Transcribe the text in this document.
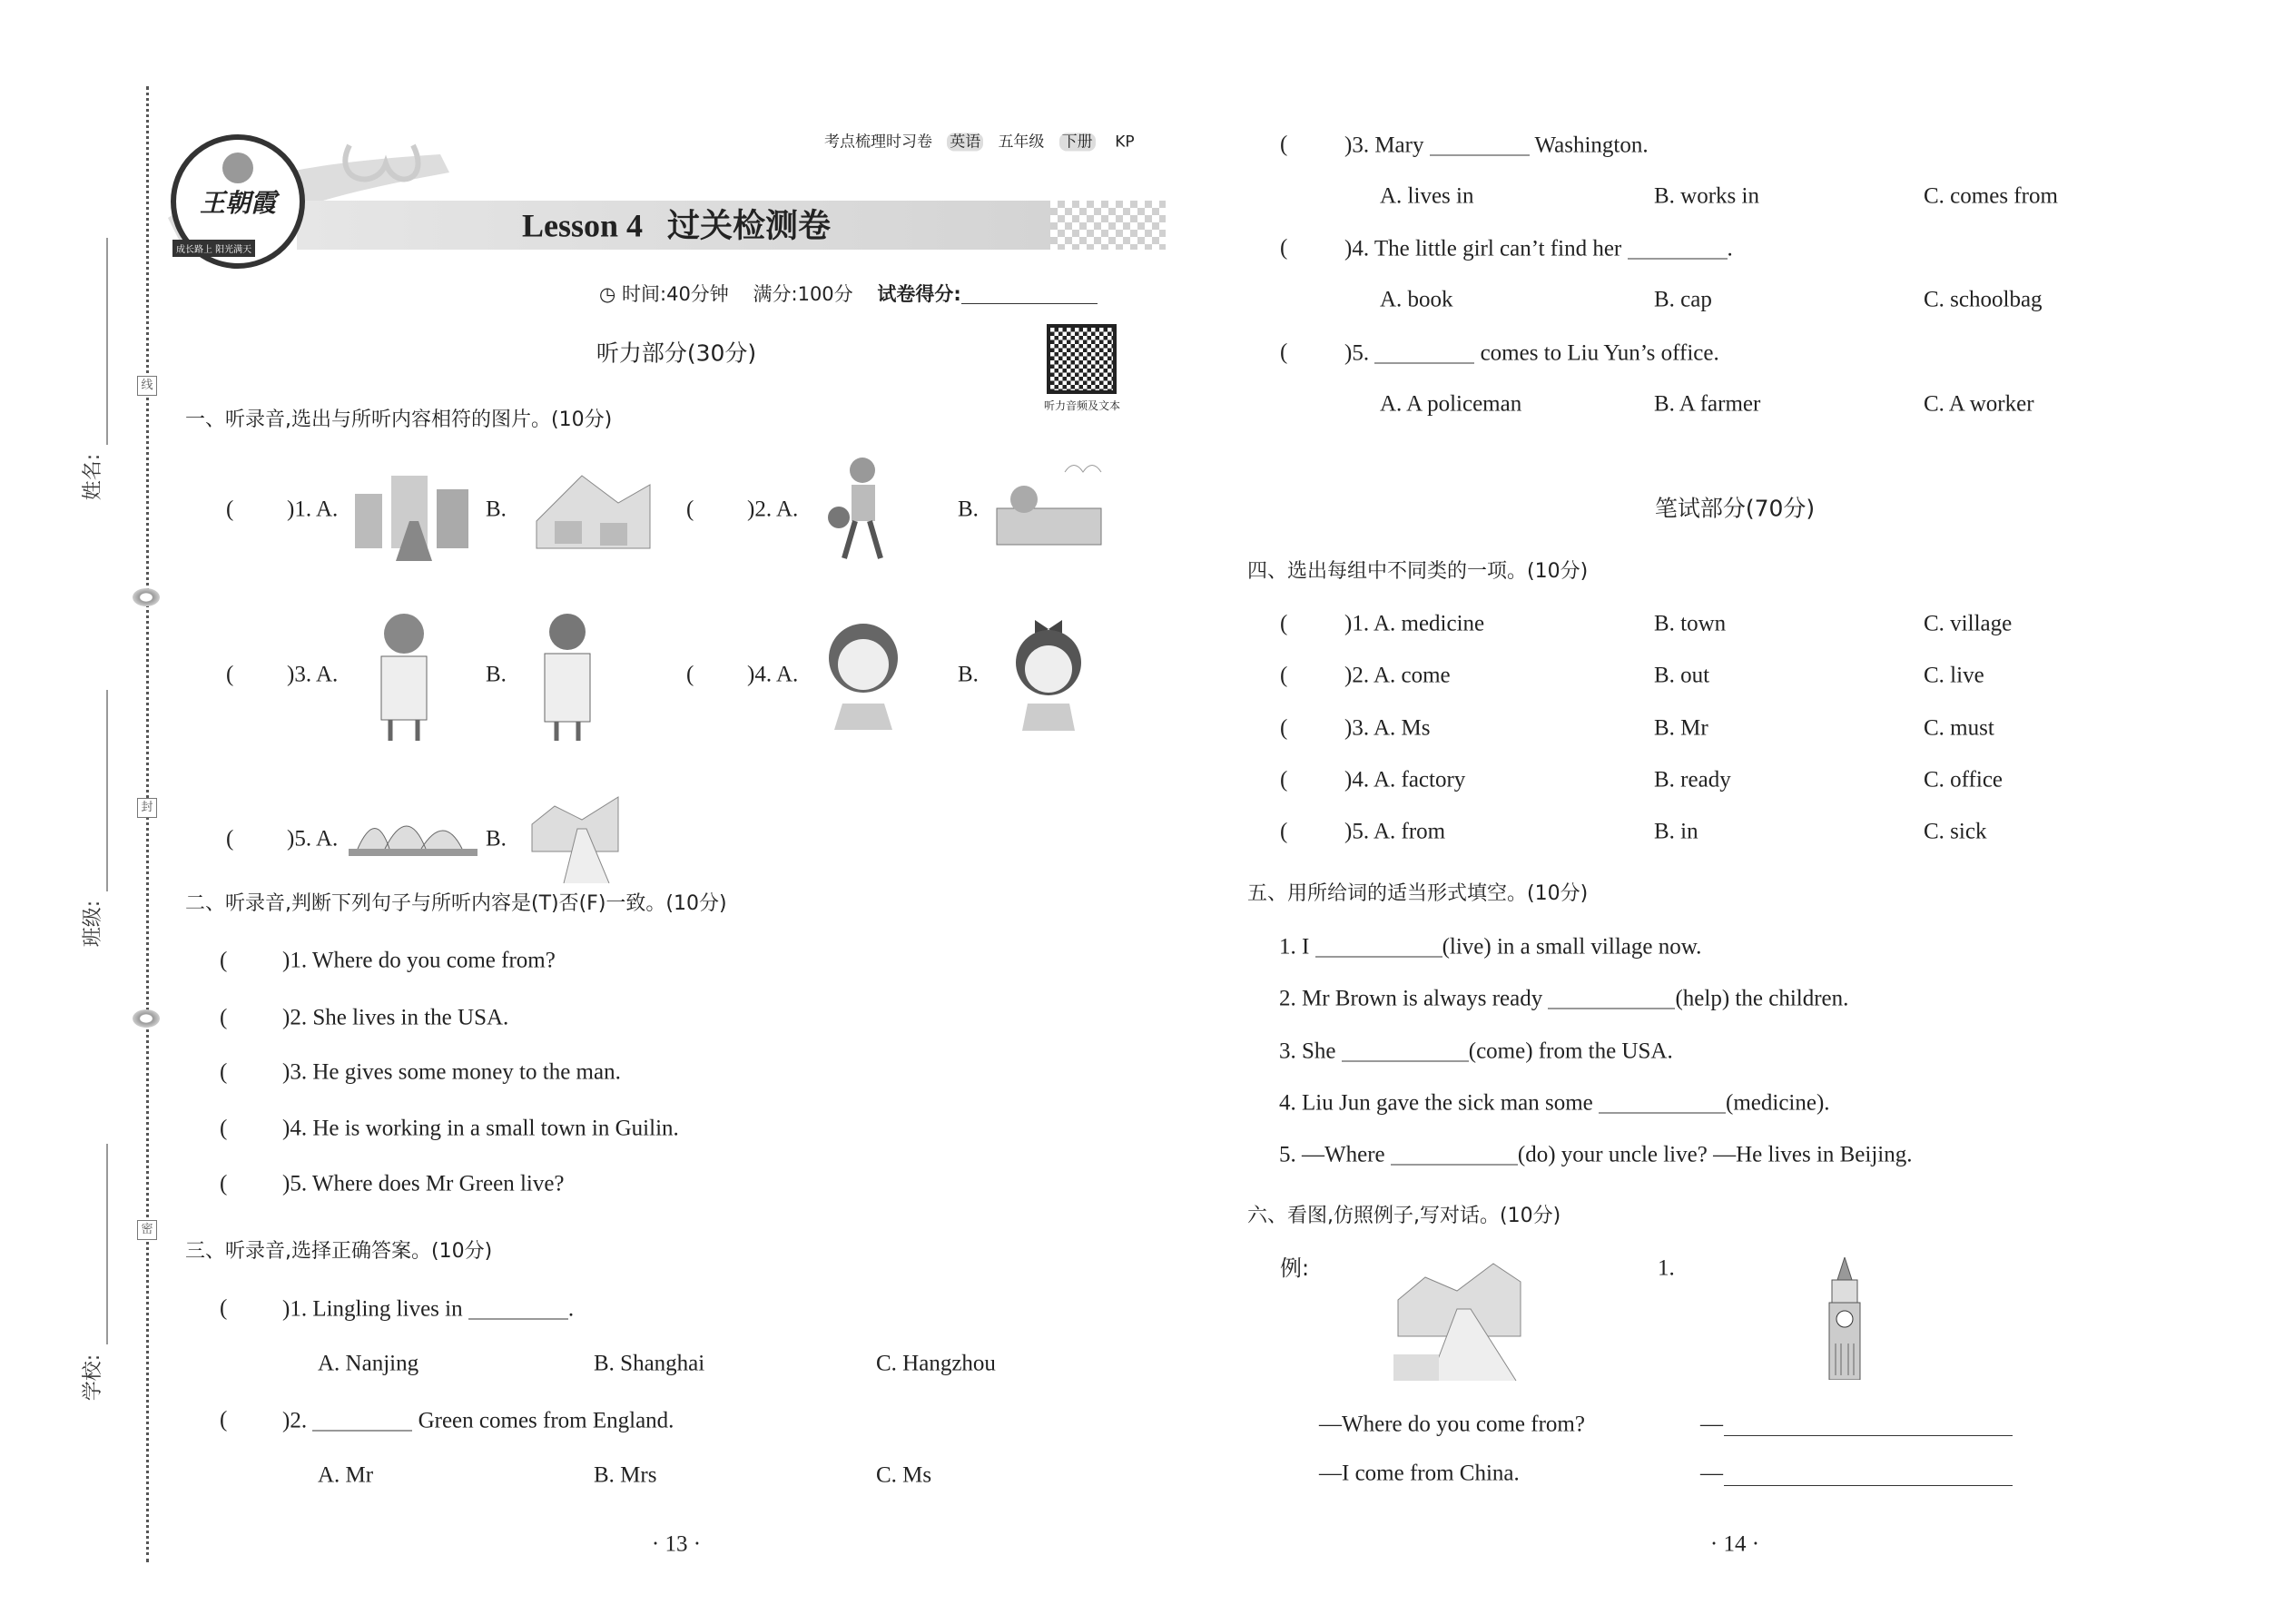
线
封
密
姓名:
班级:
学校:
王朝霞
成长路上 阳光满天
考点梳理时习卷 英语 五年级 下册 KP
Lesson 4 过关检测卷
◷ 时间:40分钟 满分:100分 试卷得分:
听力部分(30分)
听力音频及文本
一、听录音,选出与所听内容相符的图片。(10分)
( )1. A.	B.	( )2. A.	B.
( )3. A.	B.	( )4. A.	B.
( )5. A.	B.
二、听录音,判断下列句子与所听内容是(T)否(F)一致。(10分)
( )1. Where do you come from?
( )2. She lives in the USA.
( )3. He gives some money to the man.
( )4. He is working in a small town in Guilin.
( )5. Where does Mr Green live?
三、听录音,选择正确答案。(10分)
( )1. Lingling lives in	.
A. Nanjing	B. Shanghai	C. Hangzhou
( )2.	Green comes from England.
A. Mr	B. Mrs	C. Ms
· 13 ·
(	)3. Mary	Washington.
A. lives in	B. works in	C. comes from
(	)4. The little girl can’t find her	.
A. book	B. cap	C. schoolbag
(	)5.	comes to Liu Yun’s office.
A. A policeman	B. A farmer	C. A worker
笔试部分(70分)
四、选出每组中不同类的一项。(10分)
(	)1. A. medicine	B. town	C. village
(	)2. A. come	B. out	C. live
(	)3. A. Ms	B. Mr	C. must
(	)4. A. factory	B. ready	C. office
(	)5. A. from	B. in	C. sick
五、用所给词的适当形式填空。(10分)
1. I	(live) in a small village now.
2. Mr Brown is always ready	(help) the children.
3. She	(come) from the USA.
4. Liu Jun gave the sick man some	(medicine).
5. —Where	(do) your uncle live? —He lives in Beijing.
六、看图,仿照例子,写对话。(10分)
例:	1.
—Where do you come from?
—I come from China.
—
—
· 14 ·
